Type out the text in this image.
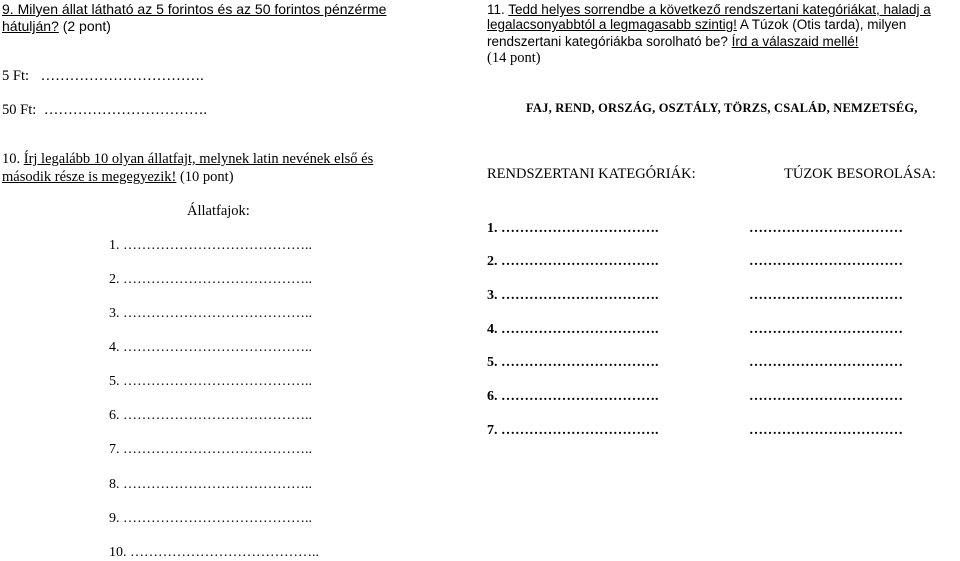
9. Milyen állat látható az 5 forintos és az 50 forintos pénzérme
hátulján? (2 pont)
5 Ft: …………………………….
50 Ft: …………………………….
11. Tedd helyes sorrendbe a következő rendszertani kategóriákat, haladj a
legalacsonyabbtól a legmagasabb szintig! A Túzok (Otis tarda), milyen
rendszertani kategóriákba sorolható be? Írd a válaszaid mellé!
(14 pont)
FAJ, REND, ORSZÁG, OSZTÁLY, TÖRZS, CSALÁD, NEMZETSÉG,
10. Írj legalább 10 olyan állatfajt, melynek latin nevének első és
második része is megegyezik! (10 pont)
Állatfajok:
1. …………………………………..
2. …………………………………..
3. …………………………………..
4. …………………………………..
5. …………………………………..
6. …………………………………..
7. …………………………………..
8. …………………………………..
9. …………………………………..
10. …………………………………..
RENDSZERTANI KATEGÓRIÁK:	TÚZOK BESOROLÁSA:
1. …………………………….	……………………………
2. …………………………….	……………………………
3. …………………………….	……………………………
4. …………………………….	……………………………
5. …………………………….	……………………………
6. …………………………….	……………………………
7. …………………………….	……………………………
